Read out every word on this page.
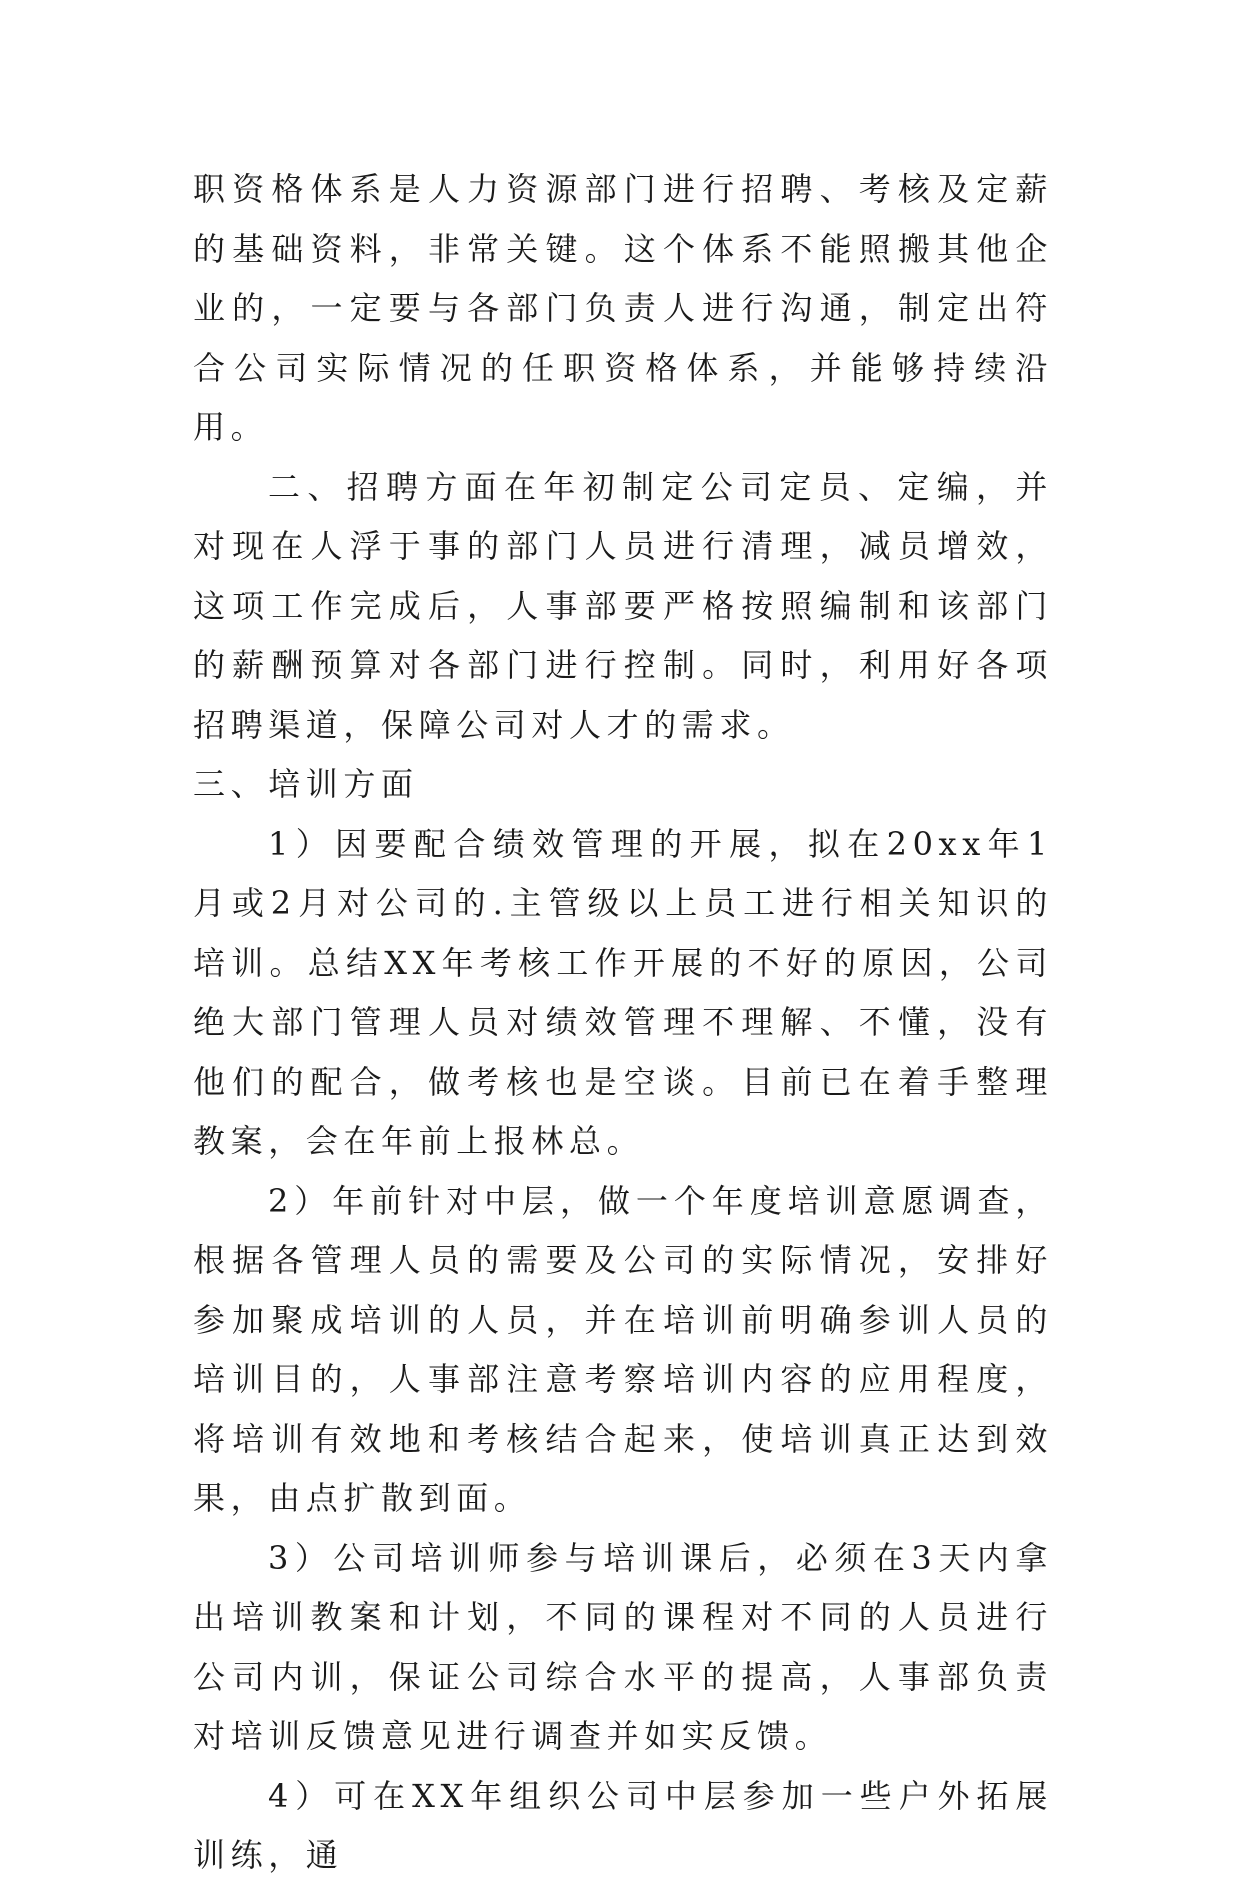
职资格体系是人力资源部门进行招聘、考核及定薪的基础资料，非常关键。这个体系不能照搬其他企业的，一定要与各部门负责人进行沟通，制定出符合公司实际情况的任职资格体系，并能够持续沿用。

二、招聘方面在年初制定公司定员、定编，并对现在人浮于事的部门人员进行清理，减员增效，这项工作完成后，人事部要严格按照编制和该部门的薪酬预算对各部门进行控制。同时，利用好各项招聘渠道，保障公司对人才的需求。

三、培训方面

1）因要配合绩效管理的开展，拟在20xx年1月或2月对公司的.主管级以上员工进行相关知识的培训。总结XX年考核工作开展的不好的原因，公司绝大部门管理人员对绩效管理不理解、不懂，没有他们的配合，做考核也是空谈。目前已在着手整理教案，会在年前上报林总。

2）年前针对中层，做一个年度培训意愿调查，根据各管理人员的需要及公司的实际情况，安排好参加聚成培训的人员，并在培训前明确参训人员的培训目的，人事部注意考察培训内容的应用程度，将培训有效地和考核结合起来，使培训真正达到效果，由点扩散到面。

3）公司培训师参与培训课后，必须在3天内拿出培训教案和计划，不同的课程对不同的人员进行公司内训，保证公司综合水平的提高，人事部负责对培训反馈意见进行调查并如实反馈。

4）可在XX年组织公司中层参加一些户外拓展训练，通
